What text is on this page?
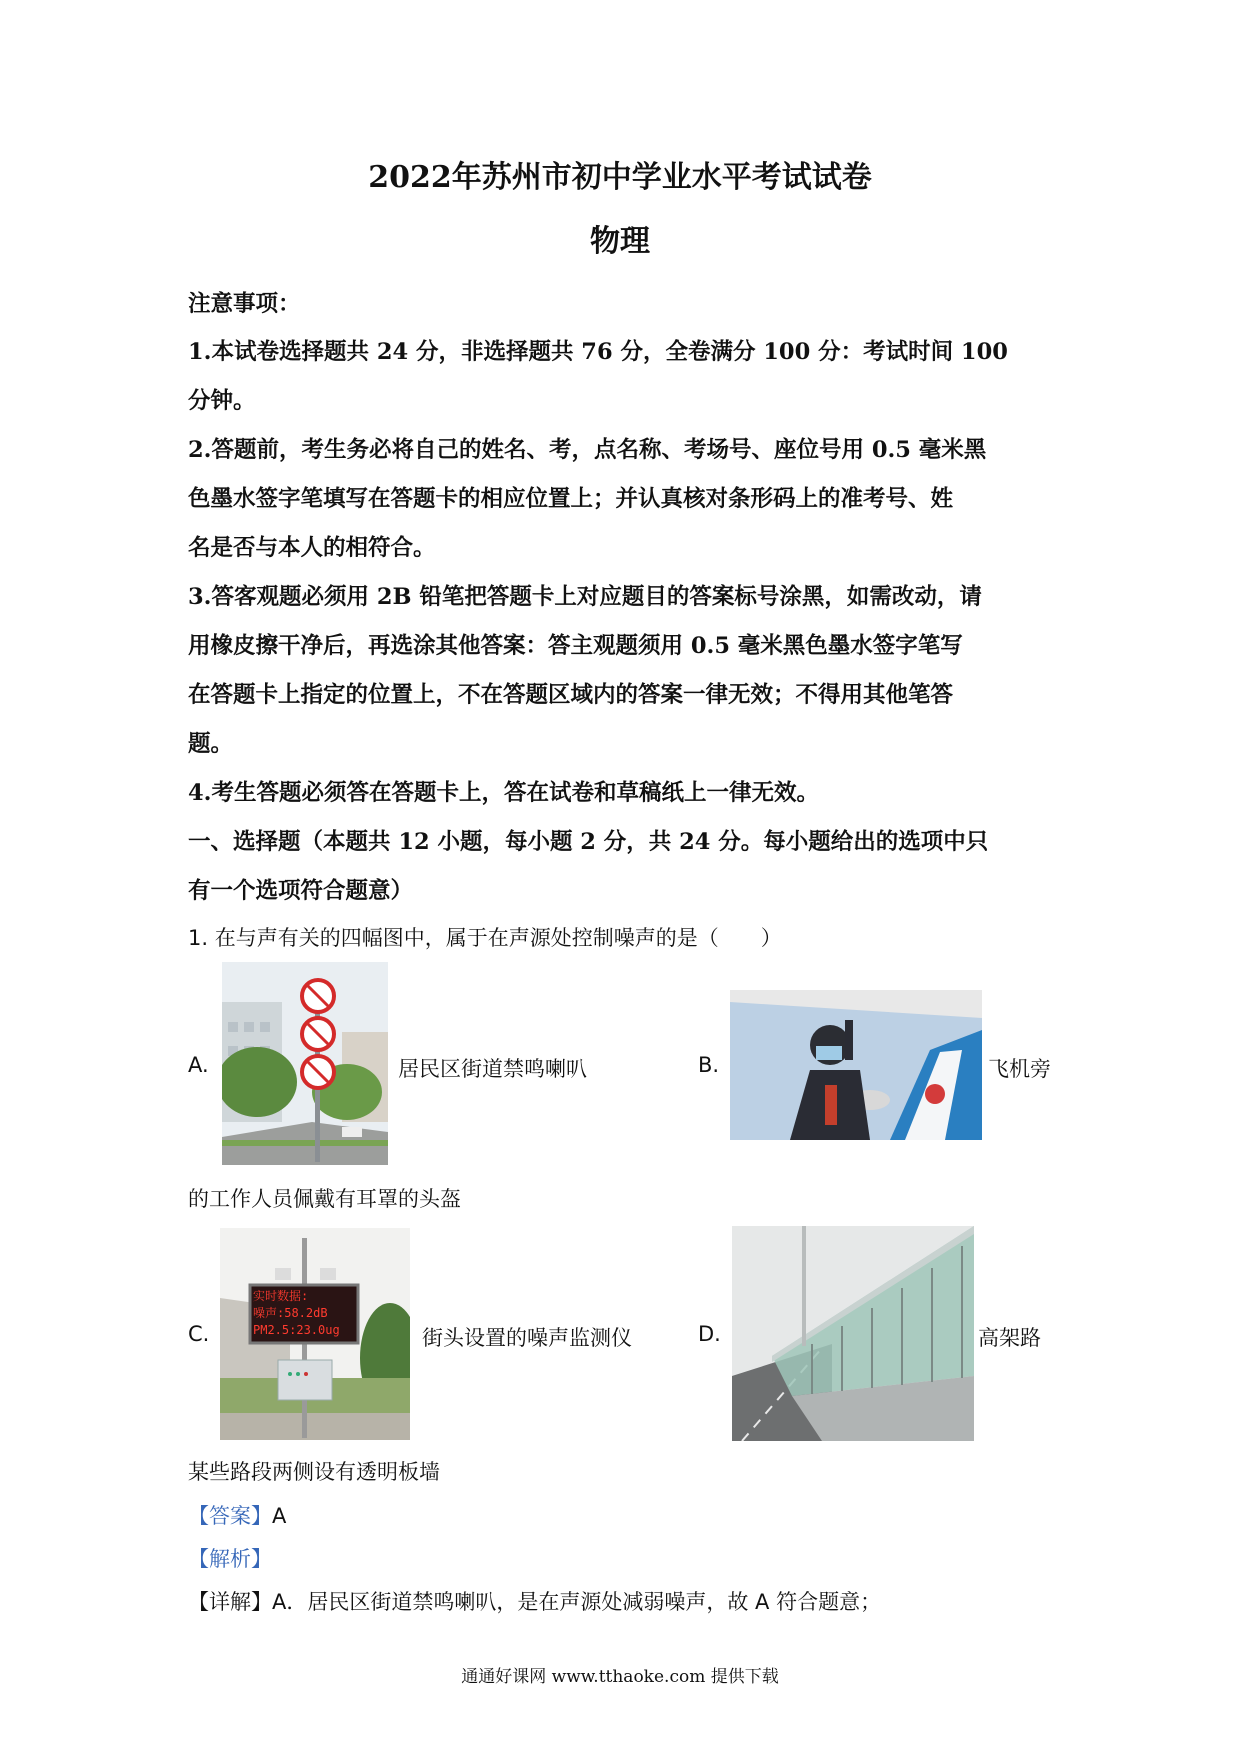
2022年苏州市初中学业水平考试试卷
物理
注意事项：
1.本试卷选择题共 24 分，非选择题共 76 分，全卷满分 100 分：考试时间 100
分钟。
2.答题前，考生务必将自己的姓名、考，点名称、考场号、座位号用 0.5 毫米黑
色墨水签字笔填写在答题卡的相应位置上；并认真核对条形码上的准考号、姓
名是否与本人的相符合。
3.答客观题必须用 2B 铅笔把答题卡上对应题目的答案标号涂黑，如需改动，请
用橡皮擦干净后，再选涂其他答案：答主观题须用 0.5 毫米黑色墨水签字笔写
在答题卡上指定的位置上，不在答题区域内的答案一律无效；不得用其他笔答
题。
4.考生答题必须答在答题卡上，答在试卷和草稿纸上一律无效。
一、选择题（本题共 12 小题，每小题 2 分，共 24 分。每小题给出的选项中只
有一个选项符合题意）
1. 在与声有关的四幅图中，属于在声源处控制噪声的是（　　）
A.	居民区街道禁鸣喇叭	B.	飞机旁
的工作人员佩戴有耳罩的头盔
C.
实时数据:
噪声:58.2dB
PM2.5:23.0ug	街头设置的噪声监测仪	D.	高架路
某些路段两侧设有透明板墙
【答案】A
【解析】
【详解】A．居民区街道禁鸣喇叭，是在声源处减弱噪声，故 A 符合题意；
通通好课网 www.tthaoke.com 提供下载
